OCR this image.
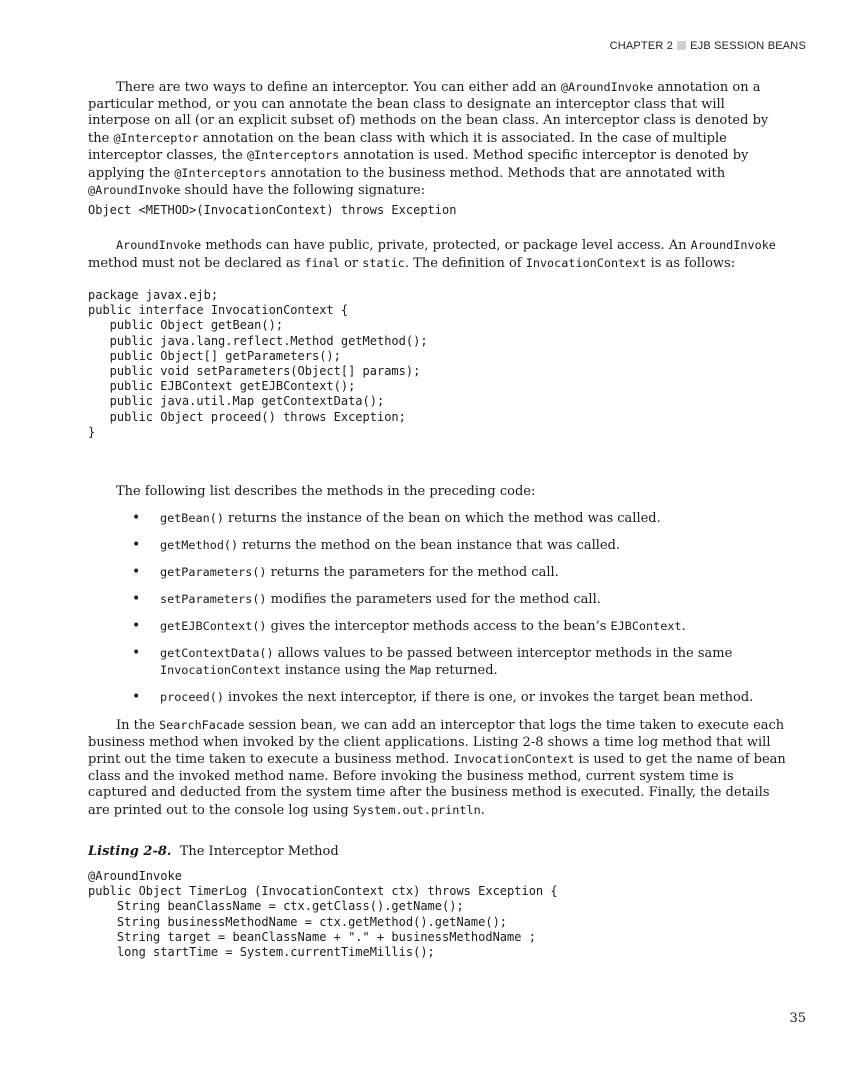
CHAPTER 2 EJB SESSION BEANS

There are two ways to define an interceptor. You can either add an @AroundInvoke annotation on a particular method, or you can annotate the bean class to designate an interceptor class that will interpose on all (or an explicit subset of) methods on the bean class. An interceptor class is denoted by the @Interceptor annotation on the bean class with which it is associated. In the case of multiple interceptor classes, the @Interceptors annotation is used. Method specific interceptor is denoted by applying the @Interceptors annotation to the business method. Methods that are annotated with @AroundInvoke should have the following signature:

Object <METHOD>(InvocationContext) throws Exception

AroundInvoke methods can have public, private, protected, or package level access. An AroundInvoke method must not be declared as final or static. The definition of InvocationContext is as follows:

package javax.ejb;
public interface InvocationContext {
public Object getBean();
public java.lang.reflect.Method getMethod();
public Object[] getParameters();
public void setParameters(Object[] params);
public EJBContext getEJBContext();
public java.util.Map getContextData();
public Object proceed() throws Exception;
}

The following list describes the methods in the preceding code:

• getBean() returns the instance of the bean on which the method was called.
• getMethod() returns the method on the bean instance that was called.
• getParameters() returns the parameters for the method call.
• setParameters() modifies the parameters used for the method call.
• getEJBContext() gives the interceptor methods access to the bean’s EJBContext.
• getContextData() allows values to be passed between interceptor methods in the same InvocationContext instance using the Map returned.
• proceed() invokes the next interceptor, if there is one, or invokes the target bean method.

In the SearchFacade session bean, we can add an interceptor that logs the time taken to execute each business method when invoked by the client applications. Listing 2-8 shows a time log method that will print out the time taken to execute a business method. InvocationContext is used to get the name of bean class and the invoked method name. Before invoking the business method, current system time is captured and deducted from the system time after the business method is executed. Finally, the details are printed out to the console log using System.out.println.

Listing 2-8. The Interceptor Method
@AroundInvoke
public Object TimerLog (InvocationContext ctx) throws Exception {
String beanClassName = ctx.getClass().getName();
String businessMethodName = ctx.getMethod().getName();
String target = beanClassName + "." + businessMethodName ;
long startTime = System.currentTimeMillis();
35
